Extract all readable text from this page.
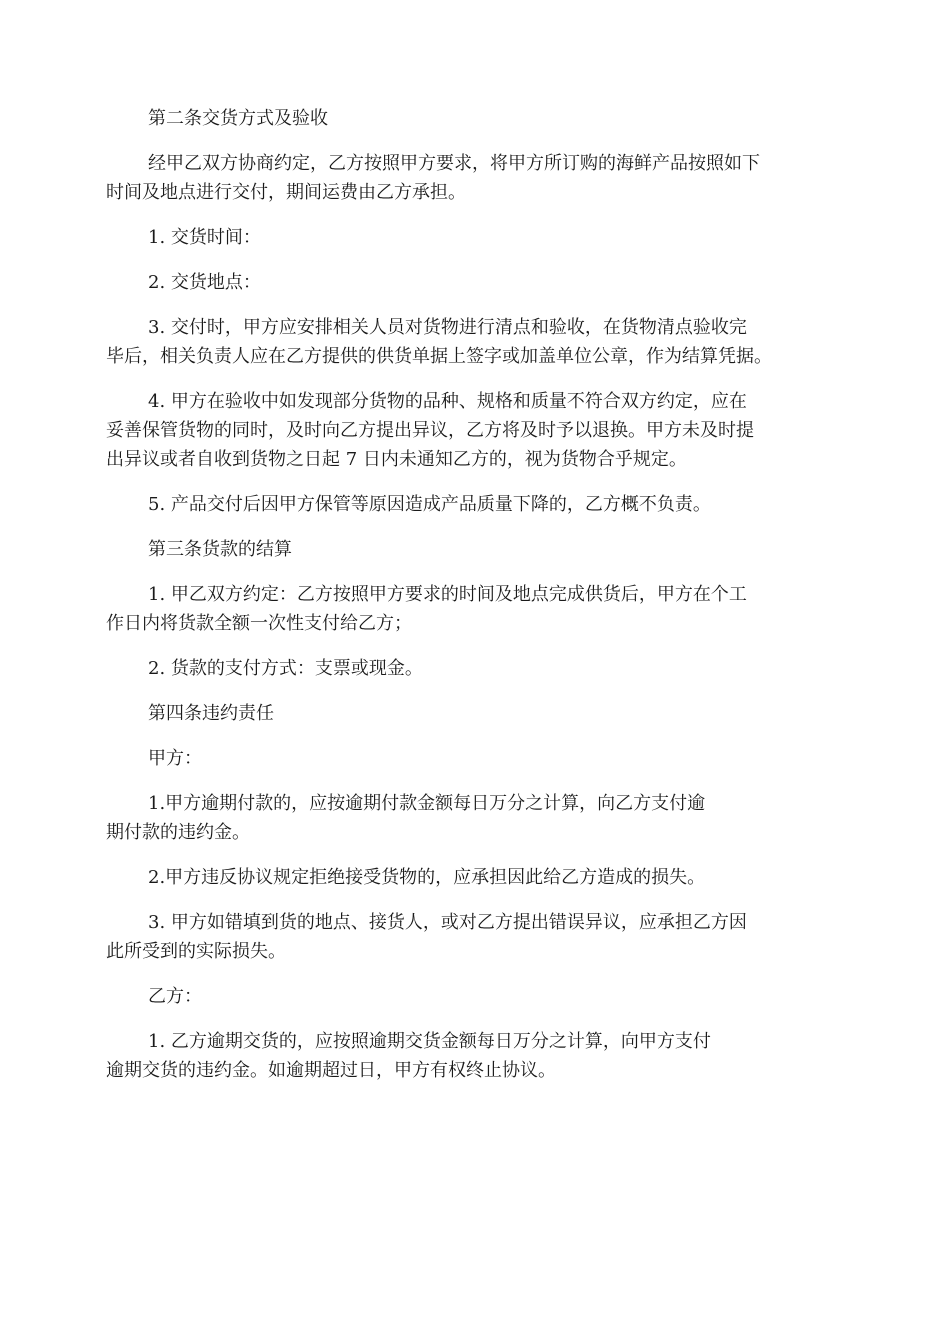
第二条交货方式及验收

经甲乙双方协商约定，乙方按照甲方要求，将甲方所订购的海鲜产品按照如下
时间及地点进行交付，期间运费由乙方承担。

1. 交货时间：

2. 交货地点：

3. 交付时，甲方应安排相关人员对货物进行清点和验收，在货物清点验收完
毕后，相关负责人应在乙方提供的供货单据上签字或加盖单位公章，作为结算凭据。

4. 甲方在验收中如发现部分货物的品种、规格和质量不符合双方约定，应在
妥善保管货物的同时，及时向乙方提出异议，乙方将及时予以退换。甲方未及时提
出异议或者自收到货物之日起 7 日内未通知乙方的，视为货物合乎规定。

5. 产品交付后因甲方保管等原因造成产品质量下降的，乙方概不负责。

第三条货款的结算

1. 甲乙双方约定：乙方按照甲方要求的时间及地点完成供货后，甲方在个工
作日内将货款全额一次性支付给乙方；

2. 货款的支付方式：支票或现金。

第四条违约责任

甲方：

1.甲方逾期付款的，应按逾期付款金额每日万分之计算，向乙方支付逾
期付款的违约金。

2.甲方违反协议规定拒绝接受货物的，应承担因此给乙方造成的损失。

3. 甲方如错填到货的地点、接货人，或对乙方提出错误异议，应承担乙方因
此所受到的实际损失。

乙方：

1. 乙方逾期交货的，应按照逾期交货金额每日万分之计算，向甲方支付
逾期交货的违约金。如逾期超过日，甲方有权终止协议。
